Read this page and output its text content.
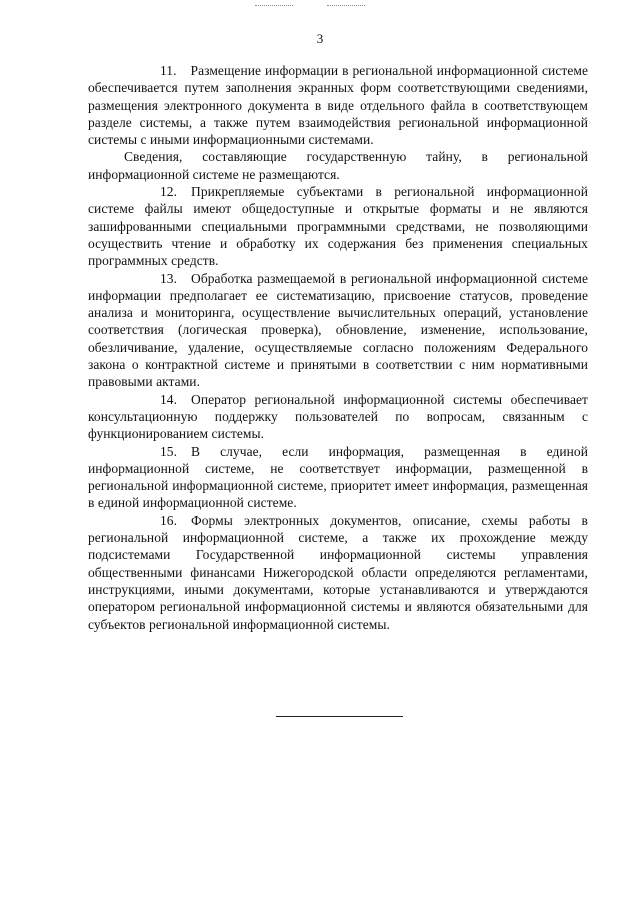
3

11. Размещение информации в региональной информационной системе обеспечивается путем заполнения экранных форм соответствующими сведениями, размещения электронного документа в виде отдельного файла в соответствующем разделе системы, а также путем взаимодействия региональной информационной системы с иными информационными системами.

Сведения, составляющие государственную тайну, в региональной информационной системе не размещаются.

12. Прикрепляемые субъектами в региональной информационной системе файлы имеют общедоступные и открытые форматы и не являются зашифрованными специальными программными средствами, не позволяющими осуществить чтение и обработку их содержания без применения специальных программных средств.

13. Обработка размещаемой в региональной информационной системе информации предполагает ее систематизацию, присвоение статусов, проведение анализа и мониторинга, осуществление вычислительных операций, установление соответствия (логическая проверка), обновление, изменение, использование, обезличивание, удаление, осуществляемые согласно положениям Федерального закона о контрактной системе и принятыми в соответствии с ним нормативными правовыми актами.

14. Оператор региональной информационной системы обеспечивает консультационную поддержку пользователей по вопросам, связанным с функционированием системы.

15. В случае, если информация, размещенная в единой информационной системе, не соответствует информации, размещенной в региональной информационной системе, приоритет имеет информация, размещенная в единой информационной системе.

16. Формы электронных документов, описание, схемы работы в региональной информационной системе, а также их прохождение между подсистемами Государственной информационной системы управления общественными финансами Нижегородской области определяются регламентами, инструкциями, иными документами, которые устанавливаются и утверждаются оператором региональной информационной системы и являются обязательными для субъектов региональной информационной системы.
